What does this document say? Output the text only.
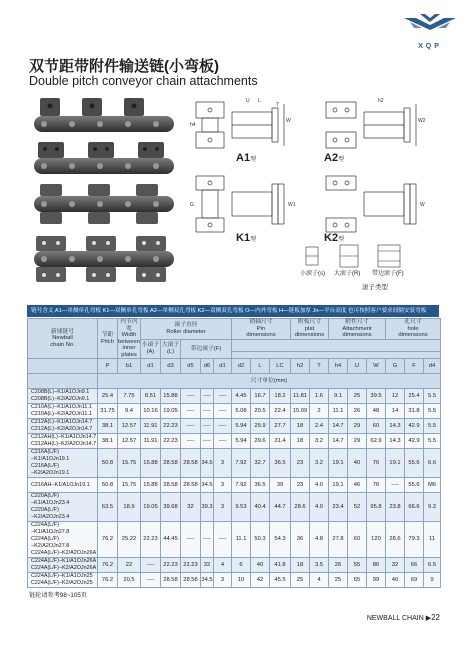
XQP
双节距带附件输送链(小弯板)
Double pitch conveyor chain attachments
U L
W
T
W2
h2
h4
A1型	A2型
W1	W
G
K1型	K2型
小滚子(s) 大滚子(R) 带边滚子(F)
滚子类型
链号含义 A1—单侧单孔弯板 K1—双侧单孔弯板 A2—单侧双孔弯板 K2—双侧双孔弯板 O—内外弯板 H—链板加厚 Jn—平台高度 也可按照客户要求间隔安装弯板
新球链号
Newball
chain No.	节距
Pitch	内节内宽
Width
between
inner
plates	滚子直径
Roller diameter					销轴尺寸
Pin
dimensions			附板尺寸
plat
dimensions		附件尺寸
Attachment
dimensions			孔尺寸
hole
dimensions		
			小滚子
(A)	大滚子
(L)	带边滚子(F)													

	P	b1	d1	d3	d5	d6	d1	d2	L	LC	h2	T	h4	U	W	G	F	d4
	尺寸单位(mm)																	

C208B(L)−K1/A1OJn9.1
C208B(L)−K2/A2OJn9.1	25.4	7.75	8.51	15.88	----	----	----	4.45	16.7	18.2	11.81	1.6	9.1	25	39.5	12	25.4	5.5

C210A(L)−K1/A1OJn11.1
C210A(L)−K2/A2OJn11.1	31.75	9.4	10.16	19.05	----	----	----	5.08	20.5	22.4	15.09	2	11.1	26	48	14	31.8	5.5

C212A(L)−K1/A1OJn14.7
C212A(L)−K2/A2OJn14.7	38.1	12.57	11.91	22.23	----	----	----	5.94	25.9	27.7	18	2.4	14.7	29	60	14.3	42.9	5.5

C212AH(L)−K1/A1OJn14.7
C212AH(L)−K2/A2OJn14.7	38.1	12.57	11.91	22.23	----	----	----	5.94	29.6	31.4	18	3.2	14.7	29	62.9	14.3	42.9	5.5

C216A(L/F)−K1/A1OJn19.1
C216A(L/F)−K2/A2OJn19.1	50.8	15.75	15.88	28.58	28.58	34.5	3	7.92	32.7	36.5	23	3.2	19.1	40	76	19.1	55.6	6.6

C216AH−K1/A1OJn19.1	50.8	15.75	15.88	28.58	28.58	34.5	3	7.92	36.5	39	23	4.0	19.1	46	76	----	55.6	M6

C220A(L/F)−K1/A1OJn23.4
C220A(L/F)−K2/A2OJn23.4	63.5	18.9	19.05	39.68	32	39.3	3	9.53	40.4	44.7	28.6	4.0	23.4	52	95.8	23.8	66.6	9.2

C224A(L/F)−K1/A1OJn27.8
C224A(L/F)−K2/A2OJn27.8
C224A(L/F)−K2/A2OJn26A	76.2	25.22	22.23	44.45	----	----	----	11.1	50.3	54.3	36	4.8	27.8	60	120	28.6	79.3	11

C224A(L/F)−K1/A1OJn26A
C224A(L/F)−K2/A2OJn26A	76.2	22	----	22.23	22.23	32	4	6	40	41.8	18	3.5	26	55	86	32	66	6.5

C224A(L/F)−K1/A1OJn25
C224A(L/F)−K2/A2OJn25	76.2	20.5	----	28.58	28.58	34.5	3	10	42	45.5	25	4	25	65	99	40	69	9
链轮请参考98~105页
NEWBALL CHAIN ▶22
